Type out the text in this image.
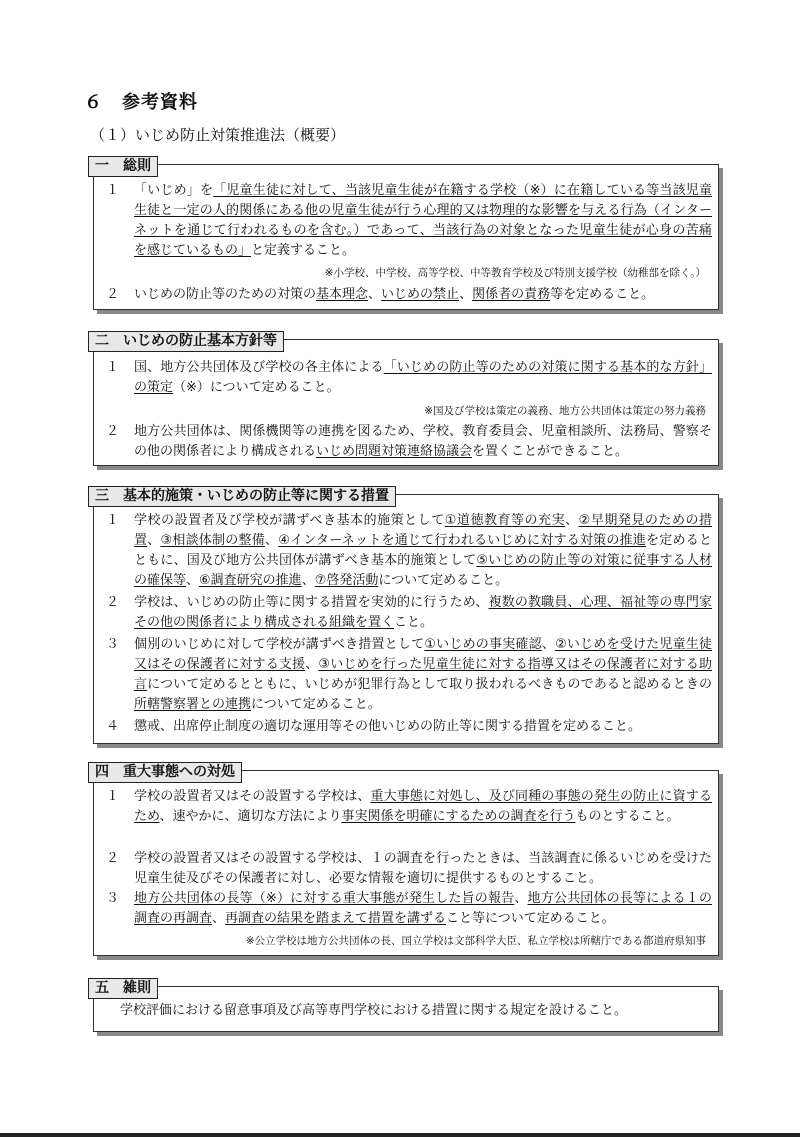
６　参考資料
（１）いじめ防止対策推進法（概要）
一　総則
１	「いじめ」を「児童生徒に対して、当該児童生徒が在籍する学校（※）に在籍している等当該児童生徒と一定の人的関係にある他の児童生徒が行う心理的又は物理的な影響を与える行為（インターネットを通じて行われるものを含む。）であって、当該行為の対象となった児童生徒が心身の苦痛を感じているもの」と定義すること。
※小学校、中学校、高等学校、中等教育学校及び特別支援学校（幼稚部を除く。）
２	いじめの防止等のための対策の基本理念、いじめの禁止、関係者の責務等を定めること。
二　いじめの防止基本方針等
１	国、地方公共団体及び学校の各主体による「いじめの防止等のための対策に関する基本的な方針」の策定（※）について定めること。
※国及び学校は策定の義務、地方公共団体は策定の努力義務
２	地方公共団体は、関係機関等の連携を図るため、学校、教育委員会、児童相談所、法務局、警察その他の関係者により構成されるいじめ問題対策連絡協議会を置くことができること。
三　基本的施策・いじめの防止等に関する措置
１	学校の設置者及び学校が講ずべき基本的施策として①道徳教育等の充実、②早期発見のための措置、③相談体制の整備、④インターネットを通じて行われるいじめに対する対策の推進を定めるとともに、国及び地方公共団体が講ずべき基本的施策として⑤いじめの防止等の対策に従事する人材の確保等、⑥調査研究の推進、⑦啓発活動について定めること。
２	学校は、いじめの防止等に関する措置を実効的に行うため、複数の教職員、心理、福祉等の専門家その他の関係者により構成される組織を置くこと。
３	個別のいじめに対して学校が講ずべき措置として①いじめの事実確認、②いじめを受けた児童生徒又はその保護者に対する支援、③いじめを行った児童生徒に対する指導又はその保護者に対する助言について定めるとともに、いじめが犯罪行為として取り扱われるべきものであると認めるときの所轄警察署との連携について定めること。
４	懲戒、出席停止制度の適切な運用等その他いじめの防止等に関する措置を定めること。
四　重大事態への対処
１	学校の設置者又はその設置する学校は、重大事態に対処し、及び同種の事態の発生の防止に資するため、速やかに、適切な方法により事実関係を明確にするための調査を行うものとすること。
２	学校の設置者又はその設置する学校は、１の調査を行ったときは、当該調査に係るいじめを受けた児童生徒及びその保護者に対し、必要な情報を適切に提供するものとすること。
３	地方公共団体の長等（※）に対する重大事態が発生した旨の報告、地方公共団体の長等による１の調査の再調査、再調査の結果を踏まえて措置を講ずること等について定めること。
※公立学校は地方公共団体の長、国立学校は文部科学大臣、私立学校は所轄庁である都道府県知事
五　雑則
学校評価における留意事項及び高等専門学校における措置に関する規定を設けること。
